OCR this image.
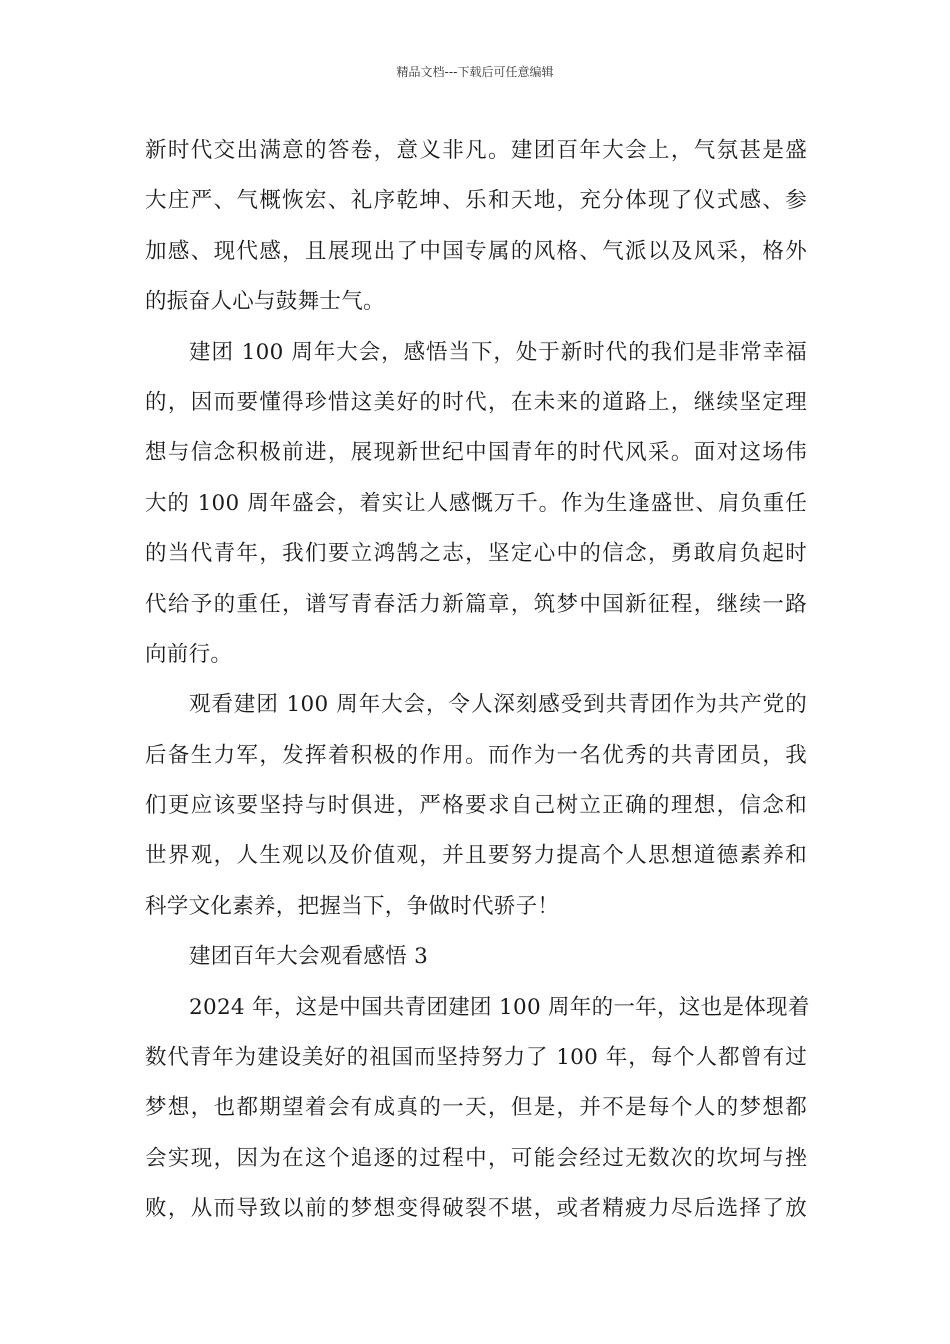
精品文档---下载后可任意编辑
新时代交出满意的答卷，意义非凡。建团百年大会上，气氛甚是盛
大庄严、气概恢宏、礼序乾坤、乐和天地，充分体现了仪式感、参
加感、现代感，且展现出了中国专属的风格、气派以及风采，格外
的振奋人心与鼓舞士气。
建团 100 周年大会，感悟当下，处于新时代的我们是非常幸福
的，因而要懂得珍惜这美好的时代，在未来的道路上，继续坚定理
想与信念积极前进，展现新世纪中国青年的时代风采。面对这场伟
大的 100 周年盛会，着实让人感慨万千。作为生逢盛世、肩负重任
的当代青年，我们要立鸿鹄之志，坚定心中的信念，勇敢肩负起时
代给予的重任，谱写青春活力新篇章，筑梦中国新征程，继续一路
向前行。
观看建团 100 周年大会，令人深刻感受到共青团作为共产党的
后备生力军，发挥着积极的作用。而作为一名优秀的共青团员，我
们更应该要坚持与时俱进，严格要求自己树立正确的理想，信念和
世界观，人生观以及价值观，并且要努力提高个人思想道德素养和
科学文化素养，把握当下，争做时代骄子！
建团百年大会观看感悟 3
2024 年，这是中国共青团建团 100 周年的一年，这也是体现着
数代青年为建设美好的祖国而坚持努力了 100 年，每个人都曾有过
梦想，也都期望着会有成真的一天，但是，并不是每个人的梦想都
会实现，因为在这个追逐的过程中，可能会经过无数次的坎坷与挫
败，从而导致以前的梦想变得破裂不堪，或者精疲力尽后选择了放
